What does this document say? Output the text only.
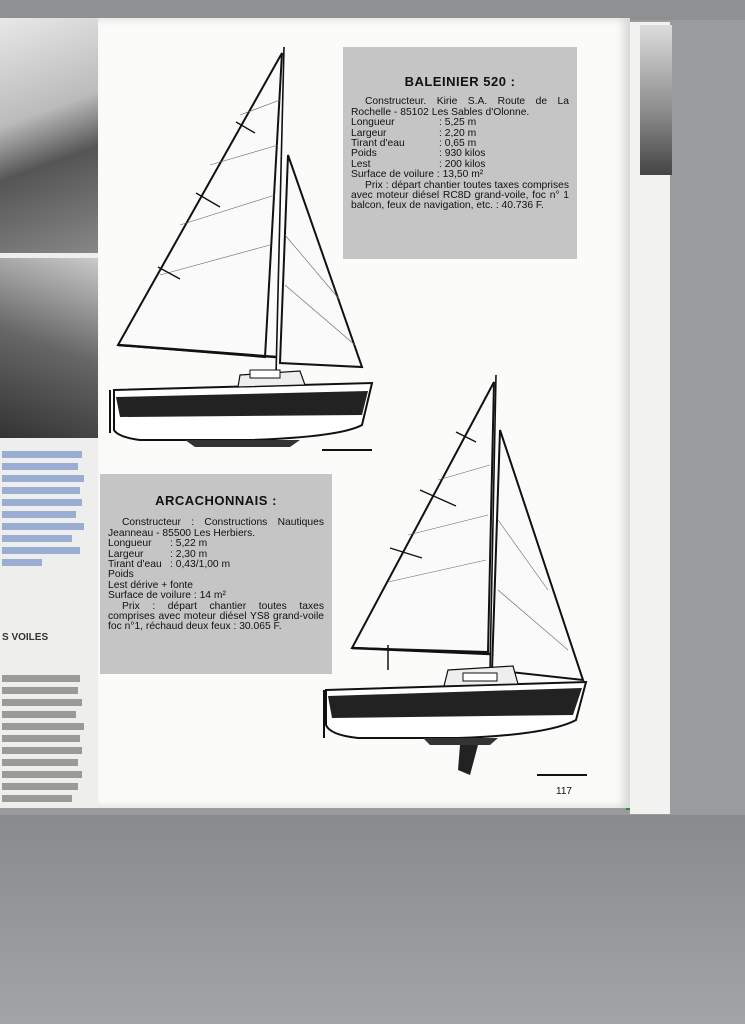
S VOILES
BALEINIER 520 :
Constructeur. Kirie S.A. Route de La Rochelle - 85102 Les Sables d'Olonne.
Longueur	: 5,25 m
Largeur	: 2,20 m
Tirant d'eau	: 0,65 m
Poids	: 930 kilos
Lest	: 200 kilos
Surface de voilure : 13,50 m²
Prix : départ chantier toutes taxes comprises avec moteur diésel RC8D grand-voile, foc n° 1 balcon, feux de navigation, etc. : 40.736 F.
ARCACHONNAIS :
Constructeur : Constructions Nautiques Jeanneau - 85500 Les Herbiers.
Longueur	: 5,22 m
Largeur	: 2,30 m
Tirant d'eau : 0,43/1,00 m
Poids
Lest dérive + fonte
Surface de voilure : 14 m²
Prix : départ chantier toutes taxes comprises avec moteur diésel YS8 grand-voile foc n°1, réchaud deux feux : 30.065 F.
117
